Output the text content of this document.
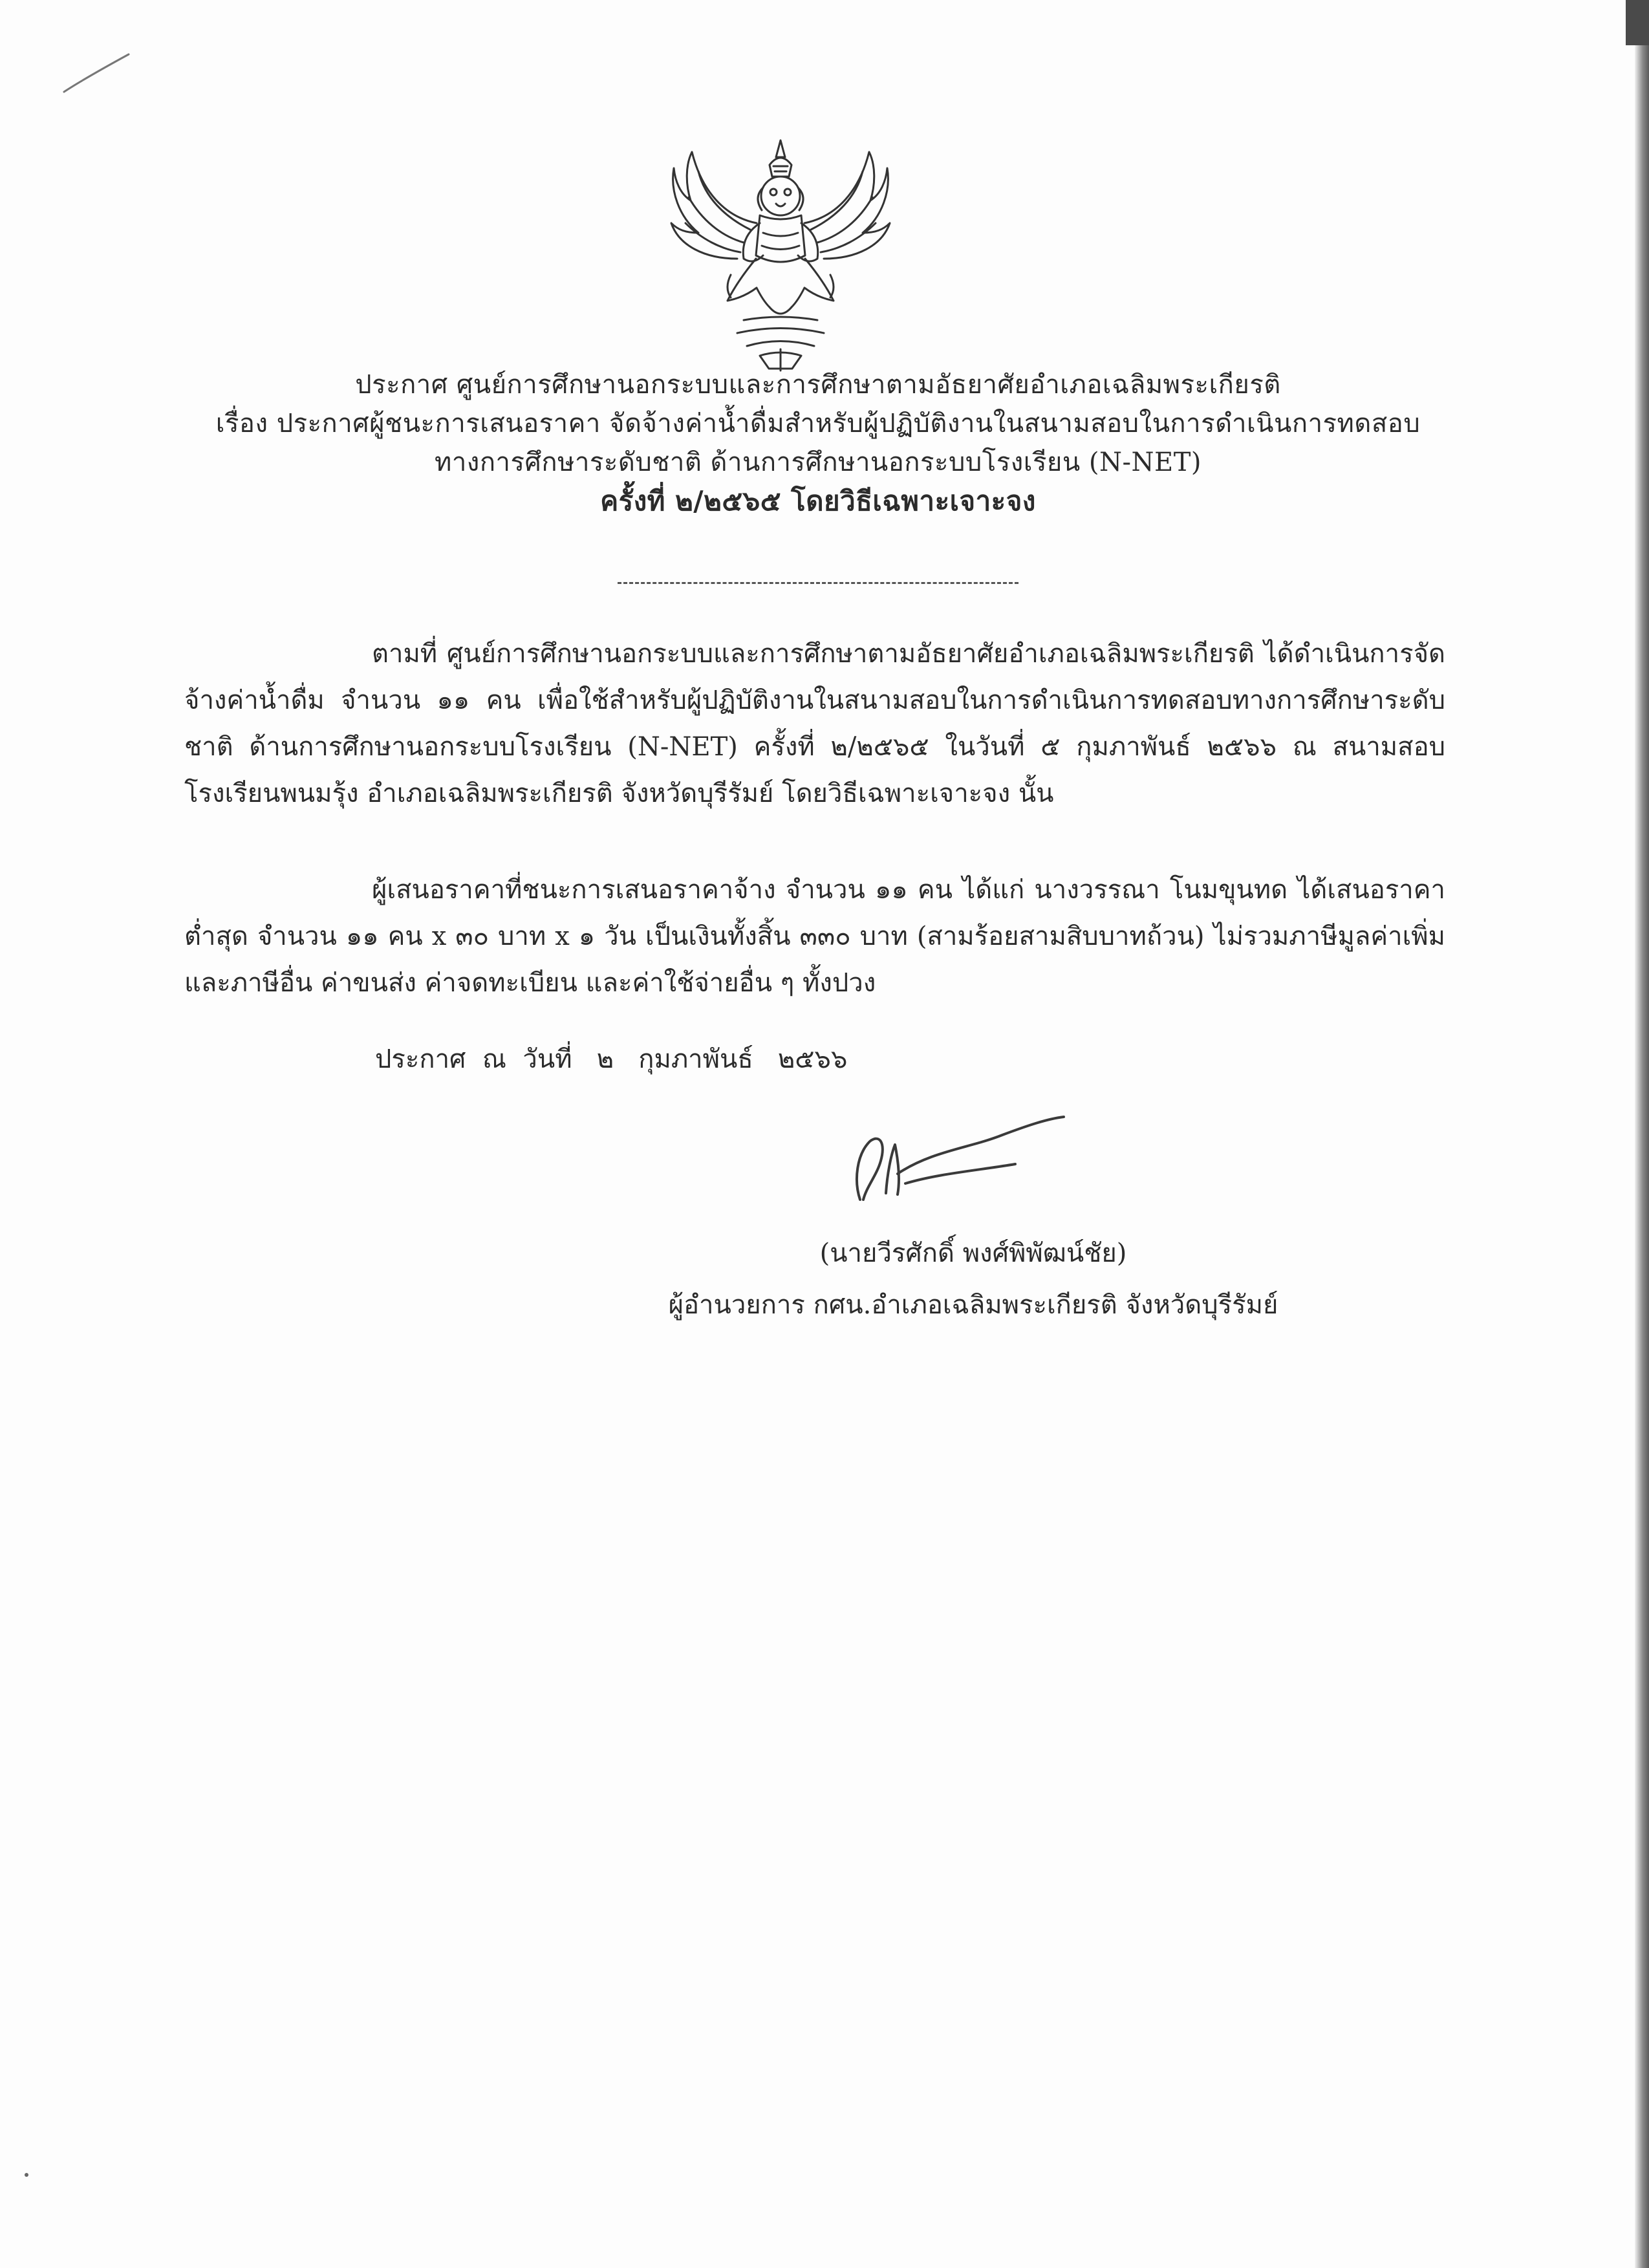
ประกาศ ศูนย์การศึกษานอกระบบและการศึกษาตามอัธยาศัยอำเภอเฉลิมพระเกียรติ
เรื่อง ประกาศผู้ชนะการเสนอราคา จัดจ้างค่าน้ำดื่มสำหรับผู้ปฏิบัติงานในสนามสอบในการดำเนินการทดสอบ
ทางการศึกษาระดับชาติ ด้านการศึกษานอกระบบโรงเรียน (N-NET)
ครั้งที่ ๒/๒๕๖๕ โดยวิธีเฉพาะเจาะจง
ตามที่ ศูนย์การศึกษานอกระบบและการศึกษาตามอัธยาศัยอำเภอเฉลิมพระเกียรติ ได้ดำเนินการจัดจ้างค่าน้ำดื่ม จำนวน ๑๑ คน เพื่อใช้สำหรับผู้ปฏิบัติงานในสนามสอบในการดำเนินการทดสอบทางการศึกษาระดับชาติ ด้านการศึกษานอกระบบโรงเรียน (N-NET) ครั้งที่ ๒/๒๕๖๕ ในวันที่ ๕ กุมภาพันธ์ ๒๕๖๖ ณ สนามสอบโรงเรียนพนมรุ้ง อำเภอเฉลิมพระเกียรติ จังหวัดบุรีรัมย์ โดยวิธีเฉพาะเจาะจง นั้น
ผู้เสนอราคาที่ชนะการเสนอราคาจ้าง จำนวน ๑๑ คน ได้แก่ นางวรรณา โนมขุนทด ได้เสนอราคาต่ำสุด จำนวน ๑๑ คน x ๓๐ บาท x ๑ วัน เป็นเงินทั้งสิ้น ๓๓๐ บาท (สามร้อยสามสิบบาทถ้วน) ไม่รวมภาษีมูลค่าเพิ่มและภาษีอื่น ค่าขนส่ง ค่าจดทะเบียน และค่าใช้จ่ายอื่น ๆ ทั้งปวง
ประกาศ  ณ  วันที่   ๒   กุมภาพันธ์   ๒๕๖๖
(นายวีรศักดิ์ พงศ์พิพัฒน์ชัย)
ผู้อำนวยการ กศน.อำเภอเฉลิมพระเกียรติ จังหวัดบุรีรัมย์
